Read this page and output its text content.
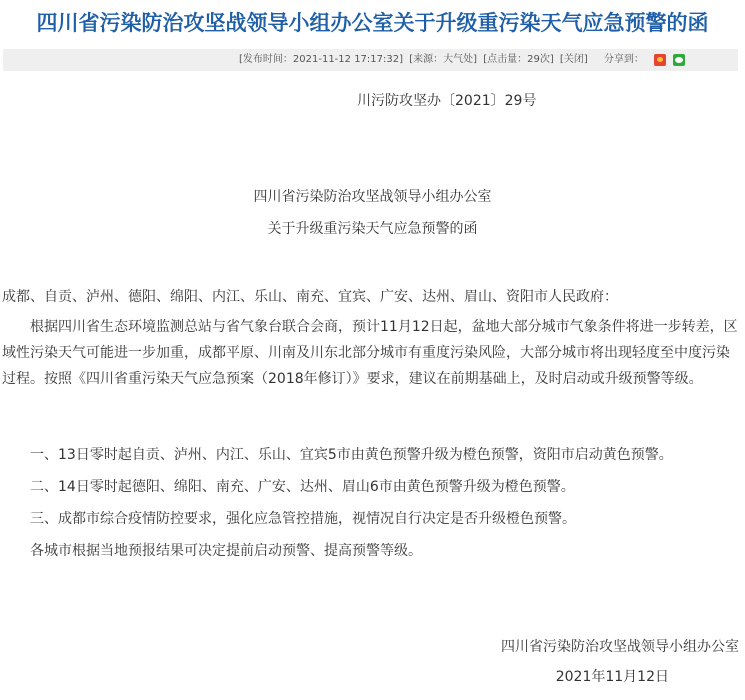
四川省污染防治攻坚战领导小组办公室关于升级重污染天气应急预警的函
[发布时间：2021-11-12 17:17:32] [来源：大气处] [点击量：29次] [关闭] 分享到：

川污防攻坚办〔2021〕29号

四川省污染防治攻坚战领导小组办公室

关于升级重污染天气应急预警的函

成都、自贡、泸州、德阳、绵阳、内江、乐山、南充、宜宾、广安、达州、眉山、资阳市人民政府：

根据四川省生态环境监测总站与省气象台联合会商，预计11月12日起，盆地大部分城市气象条件将进一步转差，区域性污染天气可能进一步加重，成都平原、川南及川东北部分城市有重度污染风险，大部分城市将出现轻度至中度污染过程。按照《四川省重污染天气应急预案（2018年修订）》要求，建议在前期基础上，及时启动或升级预警等级。

一、13日零时起自贡、泸州、内江、乐山、宜宾5市由黄色预警升级为橙色预警，资阳市启动黄色预警。

二、14日零时起德阳、绵阳、南充、广安、达州、眉山6市由黄色预警升级为橙色预警。

三、成都市综合疫情防控要求，强化应急管控措施，视情况自行决定是否升级橙色预警。

各城市根据当地预报结果可决定提前启动预警、提高预警等级。

四川省污染防治攻坚战领导小组办公室

2021年11月12日
